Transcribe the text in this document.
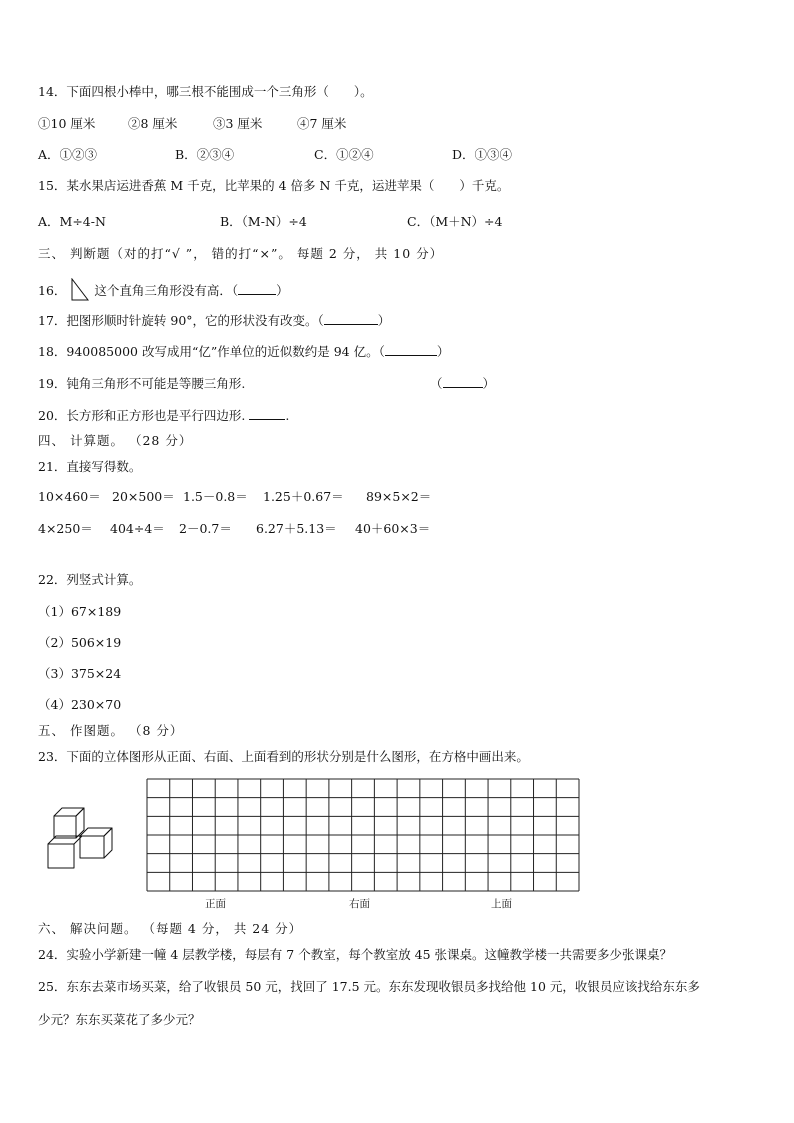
14．下面四根小棒中，哪三根不能围成一个三角形（　　）。
①10 厘米	②8 厘米	③3 厘米	④7 厘米
A．①②③	B．②③④	C．①②④	D．①③④
15．某水果店运进香蕉 M 千克，比苹果的 4 倍多 N 千克，运进苹果（　　）千克。
A．M÷4-N	B．（M-N）÷4	C．（M＋N）÷4
三、 判断题（对的打“√ ”， 错的打“×”。 每题 2 分， 共 10 分）
16． 这个直角三角形没有高．（	）
17．把图形顺时针旋转 90°，它的形状没有改变。（	）
18．940085000 改写成用“亿”作单位的近似数约是 94 亿。（	）
19．钝角三角形不可能是等腰三角形.	（	）
20．长方形和正方形也是平行四边形.	.
四、 计算题。 （28 分）
21．直接写得数。
10×460＝ 20×500＝ 1.5－0.8＝ 1.25＋0.67＝ 89×5×2＝
4×250＝ 404÷4＝ 2－0.7＝ 6.27＋5.13＝ 40＋60×3＝
22．列竖式计算。
（1）67×189
（2）506×19
（3）375×24
（4）230×70
五、 作图题。 （8 分）
23．下面的立体图形从正面、右面、上面看到的形状分别是什么图形，在方格中画出来。
正面	右面	上面
六、 解决问题。 （每题 4 分， 共 24 分）
24．实验小学新建一幢 4 层教学楼，每层有 7 个教室，每个教室放 45 张课桌。这幢教学楼一共需要多少张课桌？
25．东东去菜市场买菜，给了收银员 50 元，找回了 17.5 元。东东发现收银员多找给他 10 元，收银员应该找给东东多
少元？东东买菜花了多少元？
